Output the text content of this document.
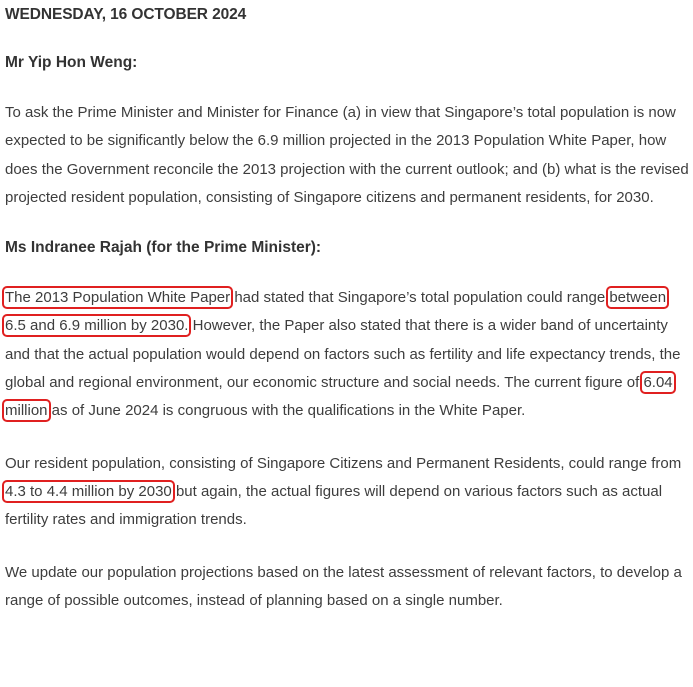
WEDNESDAY, 16 OCTOBER 2024
Mr Yip Hon Weng:

To ask the Prime Minister and Minister for Finance (a) in view that Singapore’s total population is now expected to be significantly below the 6.9 million projected in the 2013 Population White Paper, how does the Government reconcile the 2013 projection with the current outlook; and (b) what is the revised projected resident population, consisting of Singapore citizens and permanent residents, for 2030.

Ms Indranee Rajah (for the Prime Minister):

The 2013 Population White Paper had stated that Singapore’s total population could range between 6.5 and 6.9 million by 2030. However, the Paper also stated that there is a wider band of uncertainty and that the actual population would depend on factors such as fertility and life expectancy trends, the global and regional environment, our economic structure and social needs. The current figure of 6.04 million as of June 2024 is congruous with the qualifications in the White Paper.

Our resident population, consisting of Singapore Citizens and Permanent Residents, could range from 4.3 to 4.4 million by 2030 but again, the actual figures will depend on various factors such as actual fertility rates and immigration trends.

We update our population projections based on the latest assessment of relevant factors, to develop a range of possible outcomes, instead of planning based on a single number.
